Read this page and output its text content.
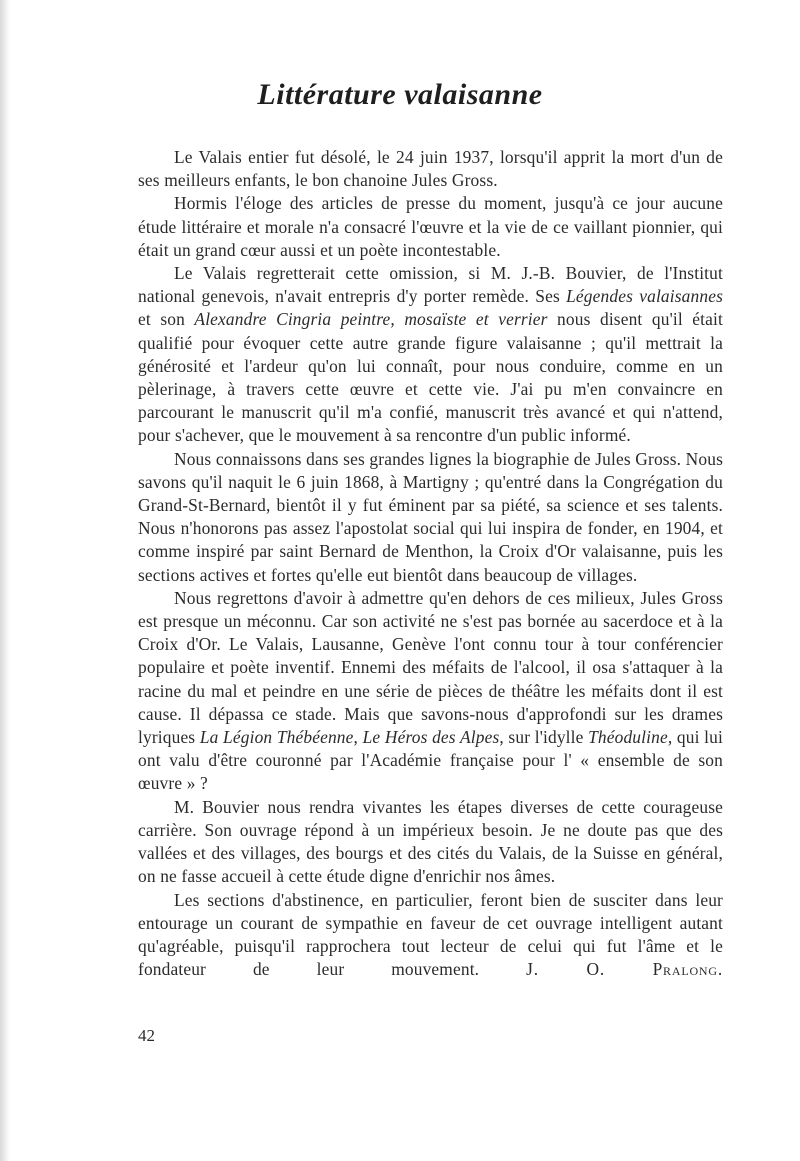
Littérature valaisanne

Le Valais entier fut désolé, le 24 juin 1937, lorsqu'il apprit la mort d'un de ses meilleurs enfants, le bon chanoine Jules Gross.

Hormis l'éloge des articles de presse du moment, jusqu'à ce jour aucune étude littéraire et morale n'a consacré l'œuvre et la vie de ce vaillant pionnier, qui était un grand cœur aussi et un poète incontestable.

Le Valais regretterait cette omission, si M. J.-B. Bouvier, de l'Institut national genevois, n'avait entrepris d'y porter remède. Ses Légendes valaisannes et son Alexandre Cingria peintre, mosaïste et verrier nous disent qu'il était qualifié pour évoquer cette autre grande figure valaisanne ; qu'il mettrait la générosité et l'ardeur qu'on lui connaît, pour nous conduire, comme en un pèlerinage, à travers cette œuvre et cette vie. J'ai pu m'en convaincre en parcourant le manuscrit qu'il m'a confié, manuscrit très avancé et qui n'attend, pour s'achever, que le mouvement à sa rencontre d'un public informé.

Nous connaissons dans ses grandes lignes la biographie de Jules Gross. Nous savons qu'il naquit le 6 juin 1868, à Martigny ; qu'entré dans la Congrégation du Grand-St-Bernard, bientôt il y fut éminent par sa piété, sa science et ses talents. Nous n'honorons pas assez l'apostolat social qui lui inspira de fonder, en 1904, et comme inspiré par saint Bernard de Menthon, la Croix d'Or valaisanne, puis les sections actives et fortes qu'elle eut bientôt dans beaucoup de villages.

Nous regrettons d'avoir à admettre qu'en dehors de ces milieux, Jules Gross est presque un méconnu. Car son activité ne s'est pas bornée au sacerdoce et à la Croix d'Or. Le Valais, Lausanne, Genève l'ont connu tour à tour conférencier populaire et poète inventif. Ennemi des méfaits de l'alcool, il osa s'attaquer à la racine du mal et peindre en une série de pièces de théâtre les méfaits dont il est cause. Il dépassa ce stade. Mais que savons-nous d'approfondi sur les drames lyriques La Légion Thébéenne, Le Héros des Alpes, sur l'idylle Théoduline, qui lui ont valu d'être couronné par l'Académie française pour l' « ensemble de son œuvre » ?

M. Bouvier nous rendra vivantes les étapes diverses de cette courageuse carrière. Son ouvrage répond à un impérieux besoin. Je ne doute pas que des vallées et des villages, des bourgs et des cités du Valais, de la Suisse en général, on ne fasse accueil à cette étude digne d'enrichir nos âmes.

Les sections d'abstinence, en particulier, feront bien de susciter dans leur entourage un courant de sympathie en faveur de cet ouvrage intelligent autant qu'agréable, puisqu'il rapprochera tout lecteur de celui qui fut l'âme et le fondateur de leur mouvement.	J. O. Pralong.

42
